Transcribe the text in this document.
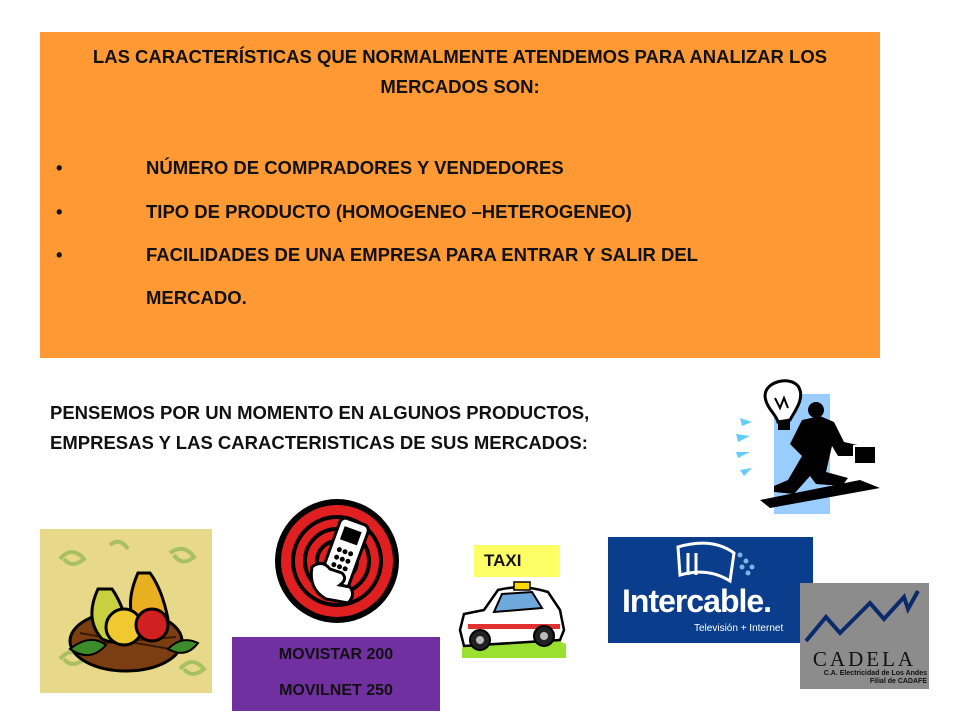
LAS CARACTERÍSTICAS QUE NORMALMENTE ATENDEMOS PARA ANALIZAR LOS
MERCADOS SON:
•	NÚMERO DE COMPRADORES Y VENDEDORES
•	TIPO DE PRODUCTO (HOMOGENEO –HETEROGENEO)
•	FACILIDADES DE UNA EMPRESA PARA ENTRAR Y SALIR DEL
MERCADO.
PENSEMOS POR UN MOMENTO EN ALGUNOS PRODUCTOS,
EMPRESAS Y LAS CARACTERISTICAS DE SUS MERCADOS:
MOVISTAR 200
MOVILNET 250
TAXI
Intercable.
Televisión + Internet
CADELA
C.A. Electricidad de Los Andes
Filial de CADAFE
